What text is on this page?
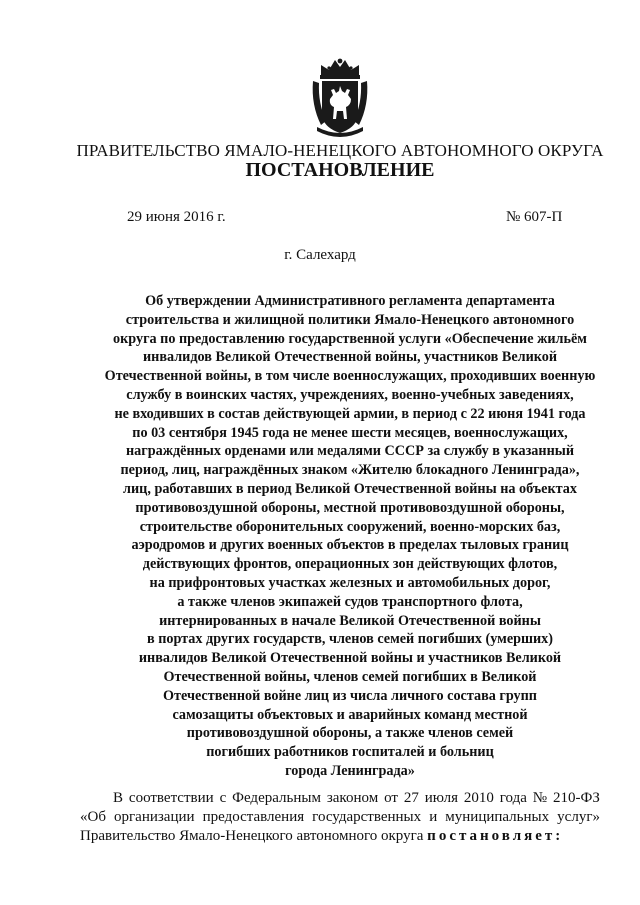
ПРАВИТЕЛЬСТВО ЯМАЛО-НЕНЕЦКОГО АВТОНОМНОГО ОКРУГА
ПОСТАНОВЛЕНИЕ
29 июня 2016 г.	№ 607-П
г. Салехард

Об утверждении Административного регламента департамента

строительства и жилищной политики Ямало-Ненецкого автономного

округа по предоставлению государственной услуги «Обеспечение жильём

инвалидов Великой Отечественной войны, участников Великой

Отечественной войны, в том числе военнослужащих, проходивших военную

службу в воинских частях, учреждениях, военно-учебных заведениях,

не входивших в состав действующей армии, в период с 22 июня 1941 года

по 03 сентября 1945 года не менее шести месяцев, военнослужащих,

награждённых орденами или медалями СССР за службу в указанный

период, лиц, награждённых знаком «Жителю блокадного Ленинграда»,

лиц, работавших в период Великой Отечественной войны на объектах

противовоздушной обороны, местной противовоздушной обороны,

строительстве оборонительных сооружений, военно-морских баз,

аэродромов и других военных объектов в пределах тыловых границ

действующих фронтов, операционных зон действующих флотов,

на прифронтовых участках железных и автомобильных дорог,

а также членов экипажей судов транспортного флота,

интернированных в начале Великой Отечественной войны

в портах других государств, членов семей погибших (умерших)

инвалидов Великой Отечественной войны и участников Великой

Отечественной войны, членов семей погибших в Великой

Отечественной войне лиц из числа личного состава групп

самозащиты объектовых и аварийных команд местной

противовоздушной обороны, а также членов семей

погибших работников госпиталей и больниц

города Ленинграда»

В соответствии с Федеральным законом от 27 июля 2010 года № 210-ФЗ
«Об организации предоставления государственных и муниципальных услуг»
Правительство Ямало-Ненецкого автономного округа постановляет:
